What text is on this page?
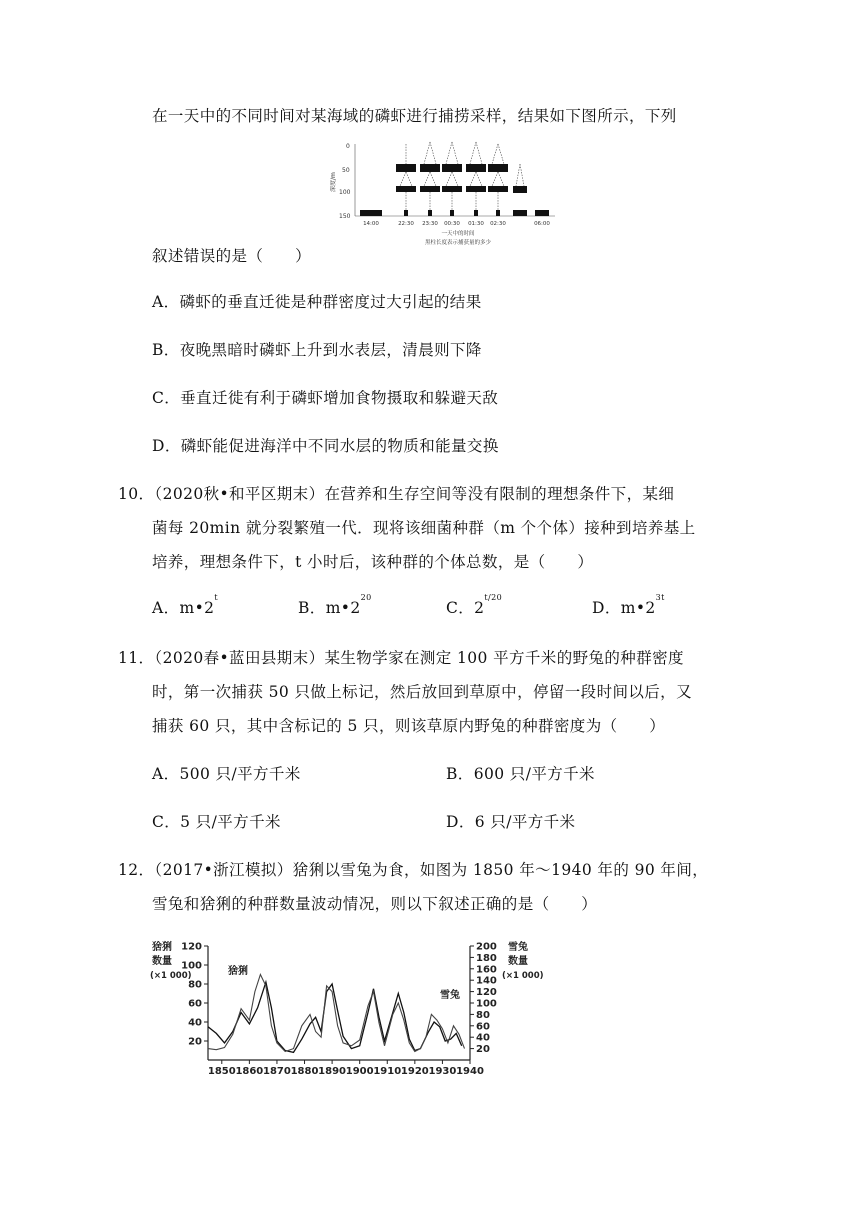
在一天中的不同时间对某海域的磷虾进行捕捞采样，结果如下图所示，下列
0
50
100
150
深度/m
14:00	22:30 23:30 00:30 01:30 02:30	06:00
一天中的时间
黑柱长度表示捕获量的多少
叙述错误的是（　　）
A．磷虾的垂直迁徙是种群密度过大引起的结果
B．夜晚黑暗时磷虾上升到水表层，清晨则下降
C．垂直迁徙有利于磷虾增加食物摄取和躲避天敌
D．磷虾能促进海洋中不同水层的物质和能量交换
10．（2020秋•和平区期末）在营养和生存空间等没有限制的理想条件下，某细
菌每 20min 就分裂繁殖一代．现将该细菌种群（m 个个体）接种到培养基上
培养，理想条件下，t 小时后，该种群的个体总数，是（　　）
A．m•2$^t$
B．$m•2^{20}$
C．$2^{t/20}$
D．$m•2^{3t}$
11．（2020春•蓝田县期末）某生物学家在测定 100 平方千米的野兔的种群密度
时，第一次捕获 50 只做上标记，然后放回到草原中，停留一段时间以后，又
捕获 60 只，其中含标记的 5 只，则该草原内野兔的种群密度为（　　）
A．500 只/平方千米	B．600 只/平方千米
C．5 只/平方千米	D．6 只/平方千米
12．（2017•浙江模拟）猞猁以雪兔为食，如图为 1850 年～1940 年的 90 年间，
雪兔和猞猁的种群数量波动情况，则以下叙述正确的是（　　）
猞猁
数量
(×1 000)
雪兔
数量
(×1 000)
20
40
60
80
100
120
20
40
60
80
100
120
140
160
180
200
1850 1860 1870 1880 1890 1900 1910 1920 1930 1940
猞猁
雪兔
